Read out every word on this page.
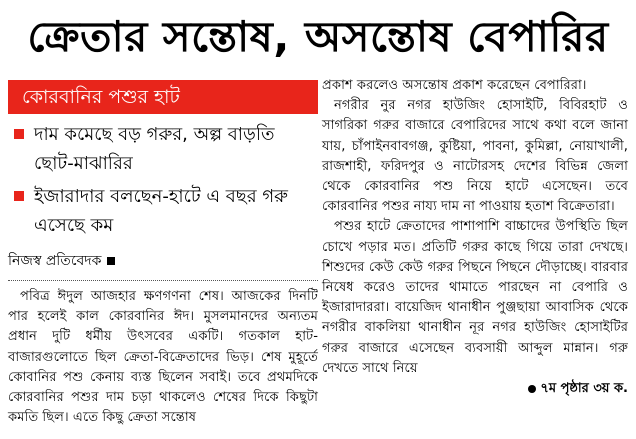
ক্রেতার সন্তোষ, অসন্তোষ বেপারির
কোরবানির পশুর হাট
দাম কমেছে বড় গরুর, অল্প বাড়তি ছোট-মাঝারির
ইজারাদার বলছেন-হাটে এ বছর গরু এসেছে কম
নিজস্ব প্রতিবেদক

পবিত্র ঈদুল আজহার ক্ষণগণনা শেষ। আজকের দিনটি পার হলেই কাল কোরবানির ঈদ। মুসলমানদের অন্যতম প্রধান দুটি ধর্মীয় উৎসবের একটি। গতকাল হাট-বাজারগুলোতে ছিল ক্রেতা-বিক্রেতাদের ভিড়। শেষ মুহূর্তে কোবানির পশু কেনায় ব্যস্ত ছিলেন সবাই। তবে প্রথমদিকে কোরবানির পশুর দাম চড়া থাকলেও শেষের দিকে কিছুটা কমতি ছিল। এতে কিছু ক্রেতা সন্তোষ

প্রকাশ করলেও অসন্তোষ প্রকাশ করেছেন বেপারিরা।

নগরীর নুর নগর হাউজিং হোসাইটি, বিবিরহাট ও সাগরিকা গরুর বাজারে বেপারিদের সাথে কথা বলে জানা যায়, চাঁপাইনবাবগঞ্জ, কুষ্টিয়া, পাবনা, কুমিল্লা, নোয়াখালী, রাজশাহী, ফরিদপুর ও নাটোরসহ দেশের বিভিন্ন জেলা থেকে কোরবানির পশু নিয়ে হাটে এসেছেন। তবে কোরবানির পশুর নায্য দাম না পাওয়ায় হতাশ বিক্রেতারা।

পশুর হাটে ক্রেতাদের পাশাপাশি বাচ্চাদের উপস্থিতি ছিল চোখে পড়ার মত। প্রতিটি গরুর কাছে গিয়ে তারা দেখছে। শিশুদের কেউ কেউ গরুর পিছনে পিছনে দৌড়াচ্ছে। বারবার নিষেধ করেও তাদের থামাতে পারছেন না বেপারি ও ইজারাদাররা। বায়েজিদ থানাধীন পুঞ্জছায়া আবাসিক থেকে নগরীর বাকলিয়া থানাধীন নূর নগর হাউজিং হোসাইটির গরুর বাজারে এসেছেন ব্যবসায়ী আব্দুল মান্নান। গরু দেখতে সাথে নিয়ে

৭ম পৃষ্ঠার ৩য় ক.
